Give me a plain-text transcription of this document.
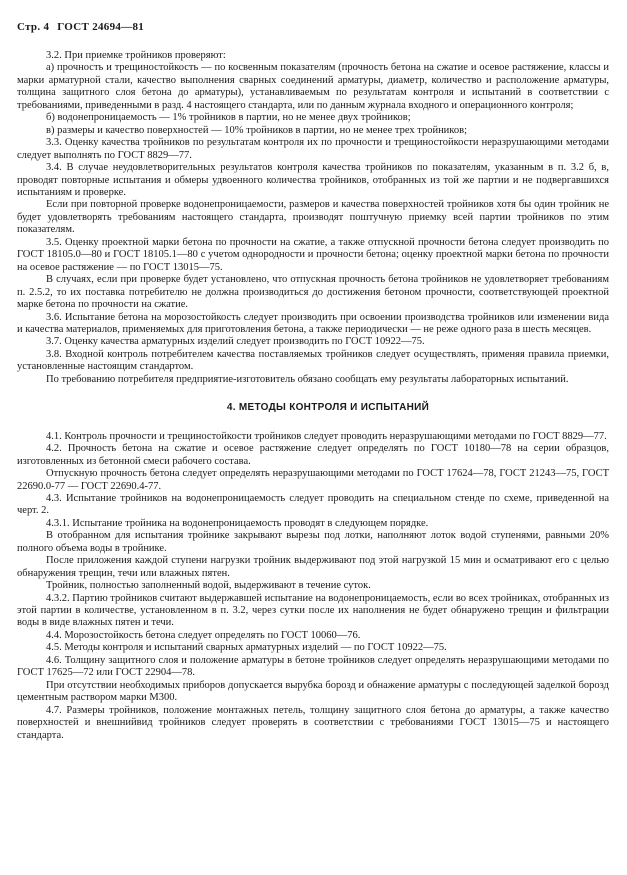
Стр. 4 ГОСТ 24694—81

3.2. При приемке тройников проверяют:

а) прочность и трещиностойкость — по косвенным показателям (прочность бетона на сжатие и осевое растяжение, классы и марки арматурной стали, качество выполнения сварных соединений арматуры, диаметр, количество и расположение арматуры, толщина защитного слоя бетона до арматуры), устанавливаемым по результатам контроля и испытаний в соответствии с требованиями, приведенными в разд. 4 настоящего стандарта, или по данным журнала входного и операционного контроля;

б) водонепроницаемость — 1% тройников в партии, но не менее двух тройников;

в) размеры и качество поверхностей — 10% тройников в партии, но не менее трех тройников;

3.3. Оценку качества тройников по результатам контроля их по прочности и трещиностойкости неразрушающими методами следует выполнять по ГОСТ 8829—77.

3.4. В случае неудовлетворительных результатов контроля качества тройников по показателям, указанным в п. 3.2 б, в, проводят повторные испытания и обмеры удвоенного количества тройников, отобранных из той же партии и не подвергавшихся испытаниям и проверке.

Если при повторной проверке водонепроницаемости, размеров и качества поверхностей тройников хотя бы один тройник не будет удовлетворять требованиям настоящего стандарта, производят поштучную приемку всей партии тройников по этим показателям.

3.5. Оценку проектной марки бетона по прочности на сжатие, а также отпускной прочности бетона следует производить по ГОСТ 18105.0—80 и ГОСТ 18105.1—80 с учетом однородности и прочности бетона; оценку проектной марки бетона по прочности на осевое растяжение — по ГОСТ 13015—75.

В случаях, если при проверке будет установлено, что отпускная прочность бетона тройников не удовлетворяет требованиям п. 2.5.2, то их поставка потребителю не должна производиться до достижения бетоном прочности, соответствующей проектной марке бетона по прочности на сжатие.

3.6. Испытание бетона на морозостойкость следует производить при освоении производства тройников или изменении вида и качества материалов, применяемых для приготовления бетона, а также периодически — не реже одного раза в шесть месяцев.

3.7. Оценку качества арматурных изделий следует производить по ГОСТ 10922—75.

3.8. Входной контроль потребителем качества поставляемых тройников следует осуществлять, применяя правила приемки, установленные настоящим стандартом.

По требованию потребителя предприятие-изготовитель обязано сообщать ему результаты лабораторных испытаний.

4. МЕТОДЫ КОНТРОЛЯ И ИСПЫТАНИЙ

4.1. Контроль прочности и трещиностойкости тройников следует проводить неразрушающими методами по ГОСТ 8829—77.

4.2. Прочность бетона на сжатие и осевое растяжение следует определять по ГОСТ 10180—78 на серии образцов, изготовленных из бетонной смеси рабочего состава.

Отпускную прочность бетона следует определять неразрушающими методами по ГОСТ 17624—78, ГОСТ 21243—75, ГОСТ 22690.0-77 — ГОСТ 22690.4-77.

4.3. Испытание тройников на водонепроницаемость следует проводить на специальном стенде по схеме, приведенной на черт. 2.

4.3.1. Испытание тройника на водонепроницаемость проводят в следующем порядке.

В отобранном для испытания тройнике закрывают вырезы под лотки, наполняют лоток водой ступенями, равными 20% полного объема воды в тройнике.

После приложения каждой ступени нагрузки тройник выдерживают под этой нагрузкой 15 мин и осматривают его с целью обнаружения трещин, течи или влажных пятен.

Тройник, полностью заполненный водой, выдерживают в течение суток.

4.3.2. Партию тройников считают выдержавшей испытание на водонепроницаемость, если во всех тройниках, отобранных из этой партии в количестве, установленном в п. 3.2, через сутки после их наполнения не будет обнаружено трещин и фильтрации воды в виде влажных пятен и течи.

4.4. Морозостойкость бетона следует определять по ГОСТ 10060—76.

4.5. Методы контроля и испытаний сварных арматурных изделий — по ГОСТ 10922—75.

4.6. Толщину защитного слоя и положение арматуры в бетоне тройников следует определять неразрушающими методами по ГОСТ 17625—72 или ГОСТ 22904—78.

При отсутствии необходимых приборов допускается вырубка борозд и обнажение арматуры с последующей заделкой борозд цементным раствором марки М300.

4.7. Размеры тройников, положение монтажных петель, толщину защитного слоя бетона до арматуры, а также качество поверхностей и внешнийвид тройников следует проверять в соответствии с требованиями ГОСТ 13015—75 и настоящего стандарта.
